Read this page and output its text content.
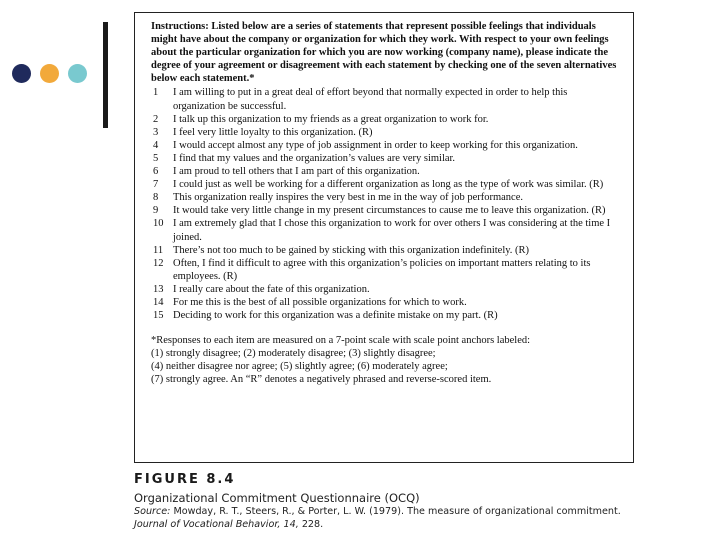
Instructions: Listed below are a series of statements that represent possible feelings that individuals might have about the company or organization for which they work. With respect to your own feelings about the particular organization for which you are now working (company name), please indicate the degree of your agreement or disagreement with each statement by checking one of the seven alternatives below each statement.*

1	I am willing to put in a great deal of effort beyond that normally expected in order to help this organization be successful.
2	I talk up this organization to my friends as a great organization to work for.
3	I feel very little loyalty to this organization. (R)
4	I would accept almost any type of job assignment in order to keep working for this organization.
5	I find that my values and the organization’s values are very similar.
6	I am proud to tell others that I am part of this organization.
7	I could just as well be working for a different organization as long as the type of work was similar. (R)
8	This organization really inspires the very best in me in the way of job performance.
9	It would take very little change in my present circumstances to cause me to leave this organization. (R)
10 I am extremely glad that I chose this organization to work for over others I was considering at the time I joined.
11 There’s not too much to be gained by sticking with this organization indefinitely. (R)
12 Often, I find it difficult to agree with this organization’s policies on important matters relating to its employees. (R)
13 I really care about the fate of this organization.
14 For me this is the best of all possible organizations for which to work.
15 Deciding to work for this organization was a definite mistake on my part. (R)
*Responses to each item are measured on a 7-point scale with scale point anchors labeled:
(1) strongly disagree; (2) moderately disagree; (3) slightly disagree;
(4) neither disagree nor agree; (5) slightly agree; (6) moderately agree;
(7) strongly agree. An “R” denotes a negatively phrased and reverse-scored item.
FIGURE 8.4
Organizational Commitment Questionnaire (OCQ)
Source: Mowday, R. T., Steers, R., & Porter, L. W. (1979). The measure of organizational commitment.
Journal of Vocational Behavior, 14, 228.
